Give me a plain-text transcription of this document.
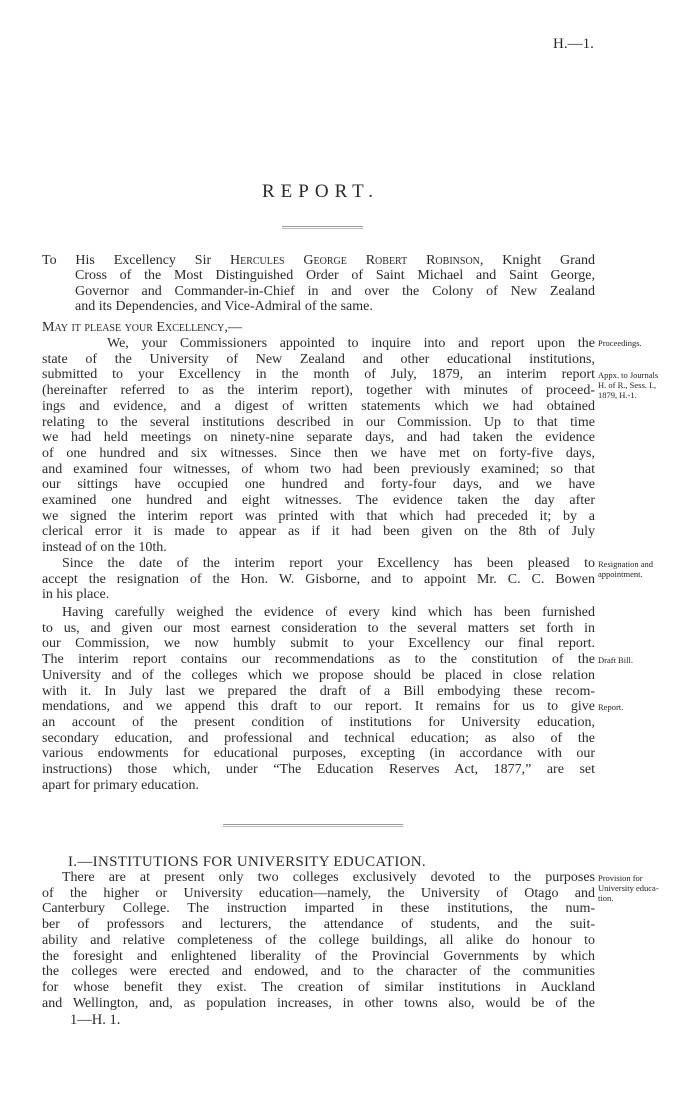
H.—1.
REPORT.
To His Excellency Sir Hercules George Robert Robinson, Knight Grand
Cross of the Most Distinguished Order of Saint Michael and Saint George,
Governor and Commander-in-Chief in and over the Colony of New Zealand
and its Dependencies, and Vice-Admiral of the same.
May it please your Excellency,—
We, your Commissioners appointed to inquire into and report upon the
state of the University of New Zealand and other educational institutions,
submitted to your Excellency in the month of July, 1879, an interim report
(hereinafter referred to as the interim report), together with minutes of proceed-
ings and evidence, and a digest of written statements which we had obtained
relating to the several institutions described in our Commission. Up to that time
we had held meetings on ninety-nine separate days, and had taken the evidence
of one hundred and six witnesses. Since then we have met on forty-five days,
and examined four witnesses, of whom two had been previously examined; so that
our sittings have occupied one hundred and forty-four days, and we have
examined one hundred and eight witnesses. The evidence taken the day after
we signed the interim report was printed with that which had preceded it; by a
clerical error it is made to appear as if it had been given on the 8th of July
instead of on the 10th.
Since the date of the interim report your Excellency has been pleased to
accept the resignation of the Hon. W. Gisborne, and to appoint Mr. C. C. Bowen
in his place.
Having carefully weighed the evidence of every kind which has been furnished
to us, and given our most earnest consideration to the several matters set forth in
our Commission, we now humbly submit to your Excellency our final report.
The interim report contains our recommendations as to the constitution of the
University and of the colleges which we propose should be placed in close relation
with it. In July last we prepared the draft of a Bill embodying these recom-
mendations, and we append this draft to our report. It remains for us to give
an account of the present condition of institutions for University education,
secondary education, and professional and technical education; as also of the
various endowments for educational purposes, excepting (in accordance with our
instructions) those which, under “The Education Reserves Act, 1877,” are set
apart for primary education.
There are at present only two colleges exclusively devoted to the purposes
of the higher or University education—namely, the University of Otago and
Canterbury College. The instruction imparted in these institutions, the num-
ber of professors and lecturers, the attendance of students, and the suit-
ability and relative completeness of the college buildings, all alike do honour to
the foresight and enlightened liberality of the Provincial Governments by which
the colleges were erected and endowed, and to the character of the communities
for whose benefit they exist. The creation of similar institutions in Auckland
and Wellington, and, as population increases, in other towns also, would be of the
Proceedings.
Appx. to Journals
H. of R., Sess. I.,
1879, H.-1.
Resignation and
appointment.
Draft Bill.
Report.
Provision for
University educa-
tion.
I.—INSTITUTIONS FOR UNIVERSITY EDUCATION.
1—H. 1.
